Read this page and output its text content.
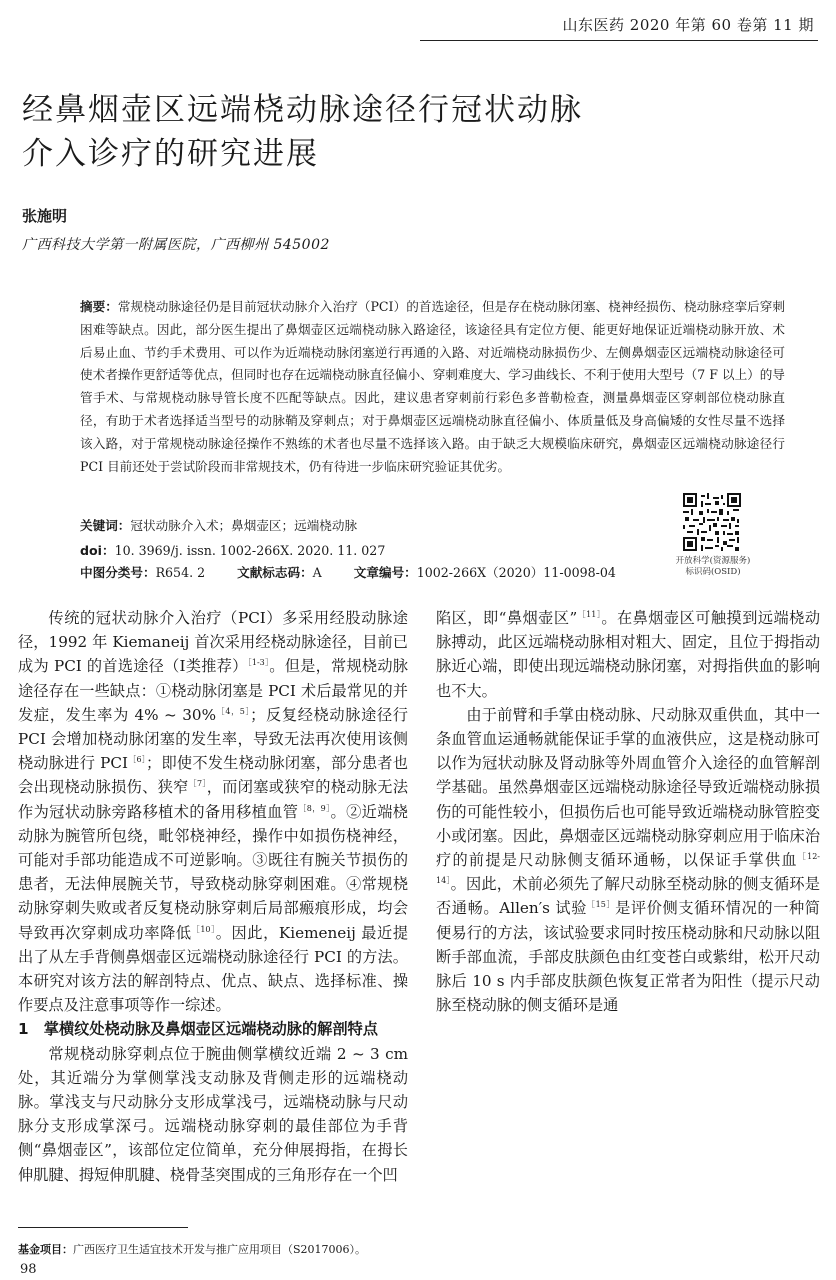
山东医药 2020 年第 60 卷第 11 期
经鼻烟壶区远端桡动脉途径行冠状动脉
介入诊疗的研究进展
张施明
广西科技大学第一附属医院，广西柳州 545002
摘要：常规桡动脉途径仍是目前冠状动脉介入治疗（PCI）的首选途径，但是存在桡动脉闭塞、桡神经损伤、桡动脉痉挛后穿刺困难等缺点。因此，部分医生提出了鼻烟壶区远端桡动脉入路途径，该途径具有定位方便、能更好地保证近端桡动脉开放、术后易止血、节约手术费用、可以作为近端桡动脉闭塞逆行再通的入路、对近端桡动脉损伤少、左侧鼻烟壶区远端桡动脉途径可使术者操作更舒适等优点，但同时也存在远端桡动脉直径偏小、穿刺难度大、学习曲线长、不利于使用大型号（7 F 以上）的导管手术、与常规桡动脉导管长度不匹配等缺点。因此，建议患者穿刺前行彩色多普勒检查，测量鼻烟壶区穿刺部位桡动脉直径，有助于术者选择适当型号的动脉鞘及穿刺点；对于鼻烟壶区远端桡动脉直径偏小、体质量低及身高偏矮的女性尽量不选择该入路，对于常规桡动脉途径操作不熟练的术者也尽量不选择该入路。由于缺乏大规模临床研究，鼻烟壶区远端桡动脉途径行 PCI 目前还处于尝试阶段而非常规技术，仍有待进一步临床研究验证其优劣。
关键词：冠状动脉介入术；鼻烟壶区；远端桡动脉
doi：10. 3969/j. issn. 1002-266X. 2020. 11. 027
中图分类号：R654. 2	文献标志码：A	文章编号：1002-266X（2020）11-0098-04
开放科学(资源服务)
标识码(OSID)

传统的冠状动脉介入治疗（PCI）多采用经股动脉途径，1992 年 Kiemaneij 首次采用经桡动脉途径，目前已成为 PCI 的首选途径（Ⅰ类推荐）$^{[1-3]}$。但是，常规桡动脉途径存在一些缺点：①桡动脉闭塞是 PCI 术后最常见的并发症，发生率为 4% ~ 30%$^{[4,5]}$；反复经桡动脉途径行 PCI 会增加桡动脉闭塞的发生率，导致无法再次使用该侧桡动脉进行 $PCI^{[6]}$；即使不发生桡动脉闭塞，部分患者也会出现桡动脉损伤、狭窄$^{[7]}$，而闭塞或狭窄的桡动脉无法作为冠状动脉旁路移植术的备用移植血管$^{[8,9]}$。②近端桡动脉为腕管所包绕，毗邻桡神经，操作中如损伤桡神经，可能对手部功能造成不可逆影响。③既往有腕关节损伤的患者，无法伸展腕关节，导致桡动脉穿刺困难。④常规桡动脉穿刺失败或者反复桡动脉穿刺后局部瘢痕形成，均会导致再次穿刺成功率降低$^{[10]}$。因此，Kiemeneij 最近提出了从左手背侧鼻烟壶区远端桡动脉途径行 PCI 的方法。本研究对该方法的解剖特点、优点、缺点、选择标准、操作要点及注意事项等作一综述。

1　掌横纹处桡动脉及鼻烟壶区远端桡动脉的解剖特点

常规桡动脉穿刺点位于腕曲侧掌横纹近端 2 ~ 3 cm 处，其近端分为掌侧掌浅支动脉及背侧走形的远端桡动脉。掌浅支与尺动脉分支形成掌浅弓，远端桡动脉与尺动脉分支形成掌深弓。远端桡动脉穿刺的最佳部位为手背侧“鼻烟壶区”，该部位定位简单，充分伸展拇指，在拇长伸肌腱、拇短伸肌腱、桡骨茎突围成的三角形存在一个凹

陷区，即“鼻烟壶区”$^{[11]}$。在鼻烟壶区可触摸到远端桡动脉搏动，此区远端桡动脉相对粗大、固定，且位于拇指动脉近心端，即使出现远端桡动脉闭塞，对拇指供血的影响也不大。

由于前臂和手掌由桡动脉、尺动脉双重供血，其中一条血管血运通畅就能保证手掌的血液供应，这是桡动脉可以作为冠状动脉及肾动脉等外周血管介入途径的血管解剖学基础。虽然鼻烟壶区远端桡动脉途径导致近端桡动脉损伤的可能性较小，但损伤后也可能导致近端桡动脉管腔变小或闭塞。因此，鼻烟壶区远端桡动脉穿刺应用于临床治疗的前提是尺动脉侧支循环通畅，以保证手掌供血$^{[12-14]}$。因此，术前必须先了解尺动脉至桡动脉的侧支循环是否通畅。Allen′s 试验$^{[15]}$是评价侧支循环情况的一种简便易行的方法，该试验要求同时按压桡动脉和尺动脉以阻断手部血流，手部皮肤颜色由红变苍白或紫绀，松开尺动脉后 10 s 内手部皮肤颜色恢复正常者为阳性（提示尺动脉至桡动脉的侧支循环是通

基金项目：广西医疗卫生适宜技术开发与推广应用项目（S2017006）。
98
